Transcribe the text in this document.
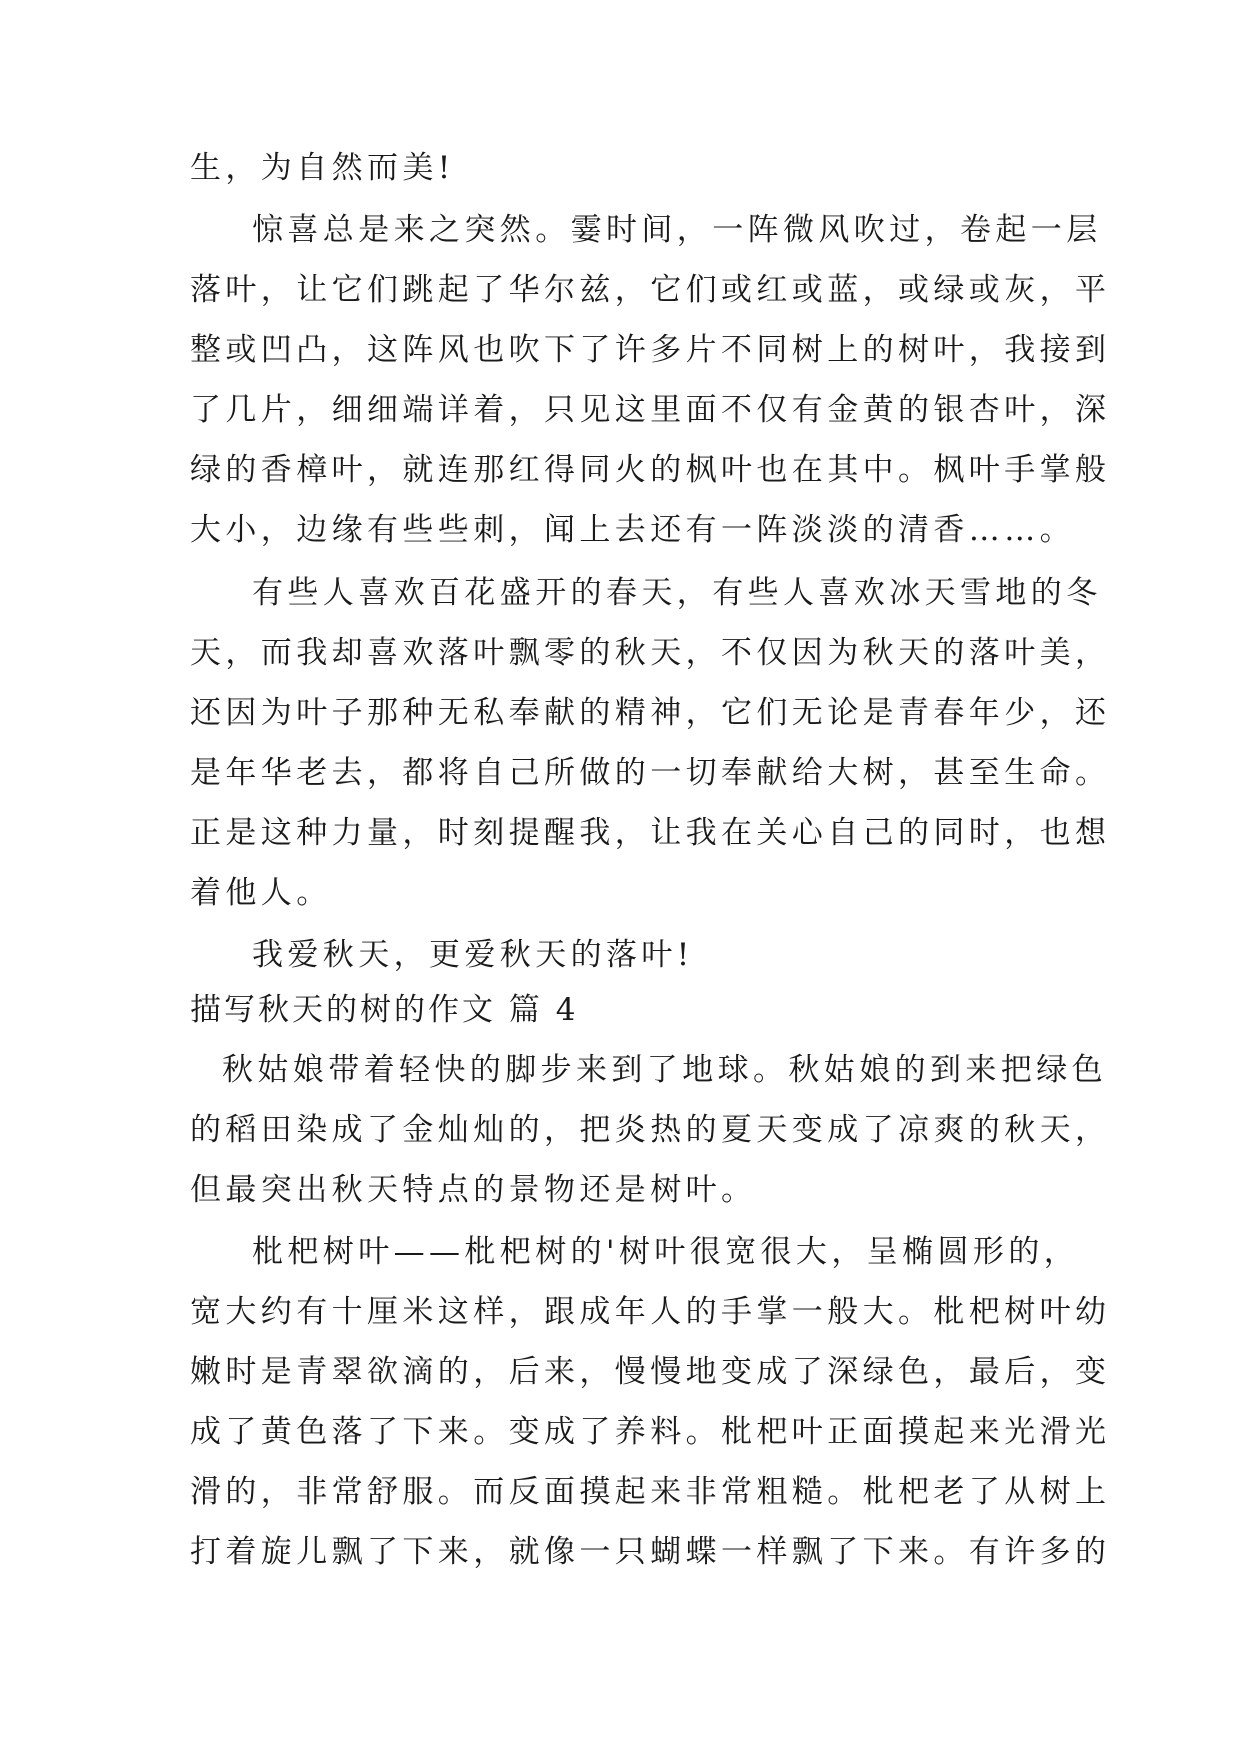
生，为自然而美!
惊喜总是来之突然。霎时间，一阵微风吹过，卷起一层
落叶，让它们跳起了华尔兹，它们或红或蓝，或绿或灰，平
整或凹凸，这阵风也吹下了许多片不同树上的树叶，我接到
了几片，细细端详着，只见这里面不仅有金黄的银杏叶，深
绿的香樟叶，就连那红得同火的枫叶也在其中。枫叶手掌般
大小，边缘有些些刺，闻上去还有一阵淡淡的清香……。
有些人喜欢百花盛开的春天，有些人喜欢冰天雪地的冬
天，而我却喜欢落叶飘零的秋天，不仅因为秋天的落叶美，
还因为叶子那种无私奉献的精神，它们无论是青春年少，还
是年华老去，都将自己所做的一切奉献给大树，甚至生命。
正是这种力量，时刻提醒我，让我在关心自己的同时，也想
着他人。
我爱秋天，更爱秋天的落叶!
描写秋天的树的作文 篇 4
秋姑娘带着轻快的脚步来到了地球。秋姑娘的到来把绿色
的稻田染成了金灿灿的，把炎热的夏天变成了凉爽的秋天，
但最突出秋天特点的景物还是树叶。
枇杷树叶——枇杷树的'树叶很宽很大，呈椭圆形的，
宽大约有十厘米这样，跟成年人的手掌一般大。枇杷树叶幼
嫩时是青翠欲滴的，后来，慢慢地变成了深绿色，最后，变
成了黄色落了下来。变成了养料。枇杷叶正面摸起来光滑光
滑的，非常舒服。而反面摸起来非常粗糙。枇杷老了从树上
打着旋儿飘了下来，就像一只蝴蝶一样飘了下来。有许多的
